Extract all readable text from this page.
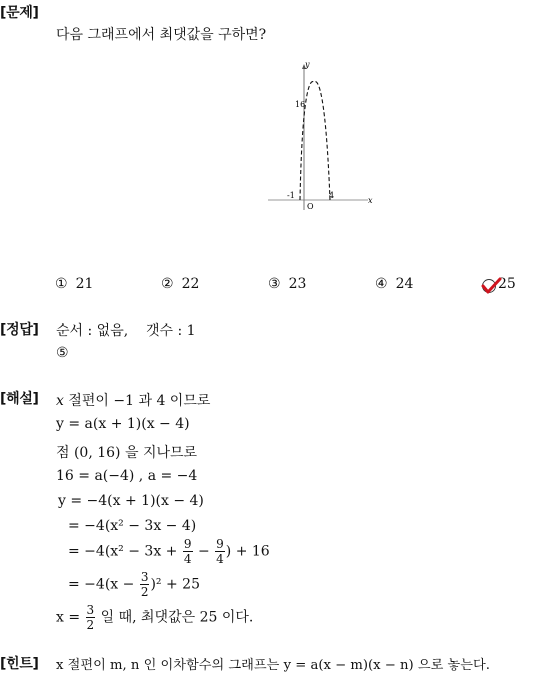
[문제]
다음 그래프에서 최댓값을 구하면?
y
x
16
-1	4
O
① 21	② 22	③ 23	④ 24	25
[정답] 순서 : 없음,    갯수 : 1
⑤
[해설] x 절편이 −1 과 4 이므로
y = a(x + 1)(x − 4)
점 (0, 16) 을 지나므로
16 = a(−4) , a = −4
y = −4(x + 1)(x − 4)
= −4(x² − 3x − 4)
= $-4(x^2 - 3x + \frac{9}{4} - \frac{9}{4}$ ) + 16
= $-4(x - \frac{3}{2} )^2 + 25$
$x = \frac{3}{2}$ 일 때, 최댓값은 25 이다.
[힌트] x 절편이 m, n 인 이차함수의 그래프는 y = a(x − m)(x − n) 으로 놓는다.
